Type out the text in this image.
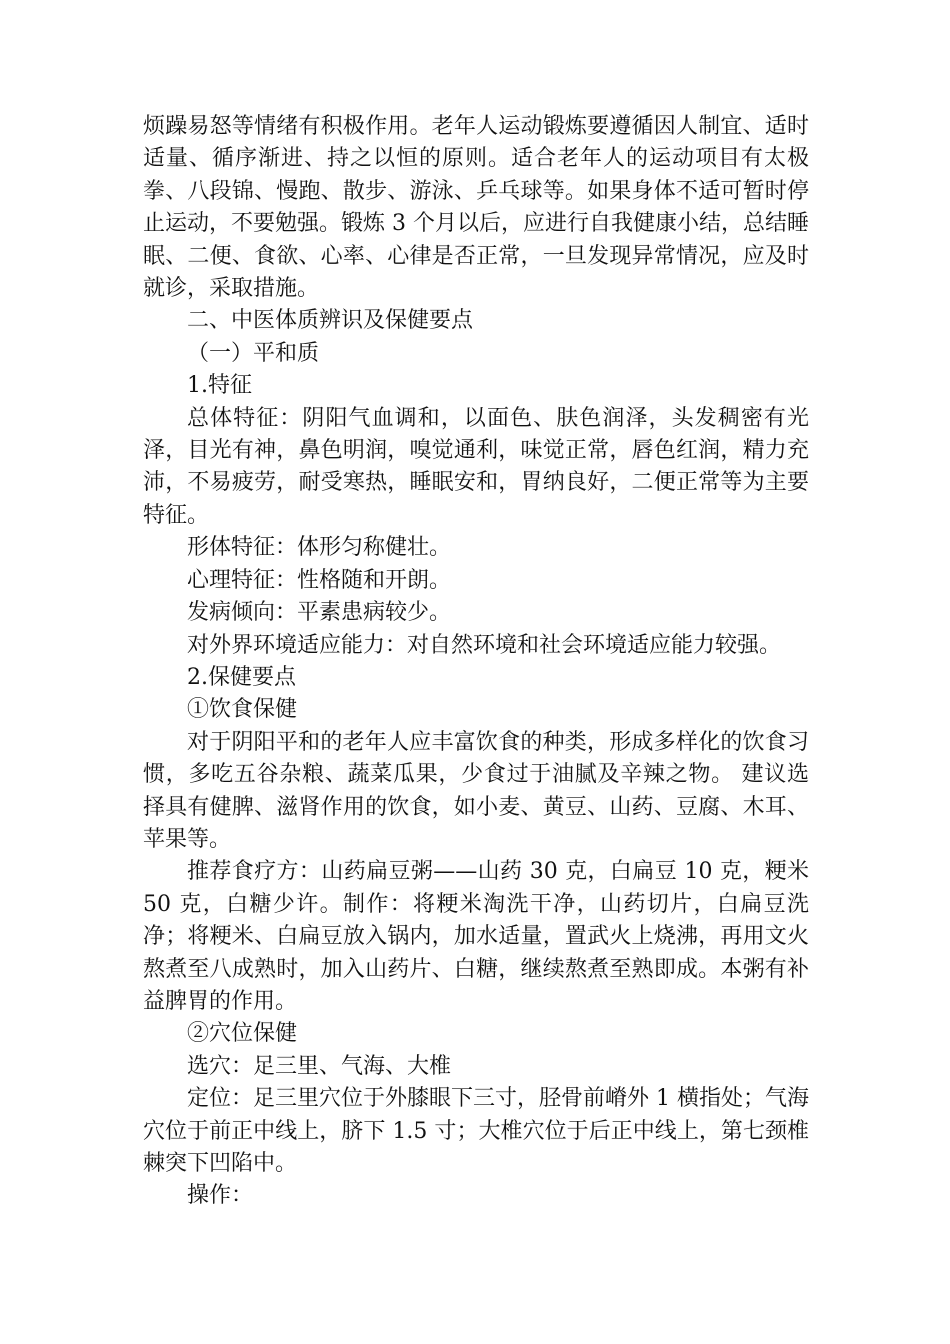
烦躁易怒等情绪有积极作用。老年人运动锻炼要遵循因人制宜、适时适量、循序渐进、持之以恒的原则。适合老年人的运动项目有太极拳、八段锦、慢跑、散步、游泳、乒乓球等。如果身体不适可暂时停止运动，不要勉强。锻炼 3 个月以后，应进行自我健康小结，总结睡眠、二便、食欲、心率、心律是否正常，一旦发现异常情况，应及时就诊，采取措施。

二、中医体质辨识及保健要点

（一）平和质

1.特征

总体特征：阴阳气血调和，以面色、肤色润泽，头发稠密有光泽，目光有神，鼻色明润，嗅觉通利，味觉正常，唇色红润，精力充沛，不易疲劳，耐受寒热，睡眠安和，胃纳良好，二便正常等为主要特征。

形体特征：体形匀称健壮。

心理特征：性格随和开朗。

发病倾向：平素患病较少。

对外界环境适应能力：对自然环境和社会环境适应能力较强。

2.保健要点

①饮食保健

对于阴阳平和的老年人应丰富饮食的种类，形成多样化的饮食习惯，多吃五谷杂粮、蔬菜瓜果，少食过于油腻及辛辣之物。 建议选择具有健脾、滋肾作用的饮食，如小麦、黄豆、山药、豆腐、木耳、苹果等。

推荐食疗方：山药扁豆粥——山药 30 克，白扁豆 10 克，粳米 50 克，白糖少许。制作：将粳米淘洗干净，山药切片，白扁豆洗净；将粳米、白扁豆放入锅内，加水适量，置武火上烧沸，再用文火熬煮至八成熟时，加入山药片、白糖，继续熬煮至熟即成。本粥有补益脾胃的作用。

②穴位保健

选穴：足三里、气海、大椎

定位：足三里穴位于外膝眼下三寸，胫骨前嵴外 1 横指处；气海穴位于前正中线上，脐下 1.5 寸；大椎穴位于后正中线上，第七颈椎棘突下凹陷中。

操作：
